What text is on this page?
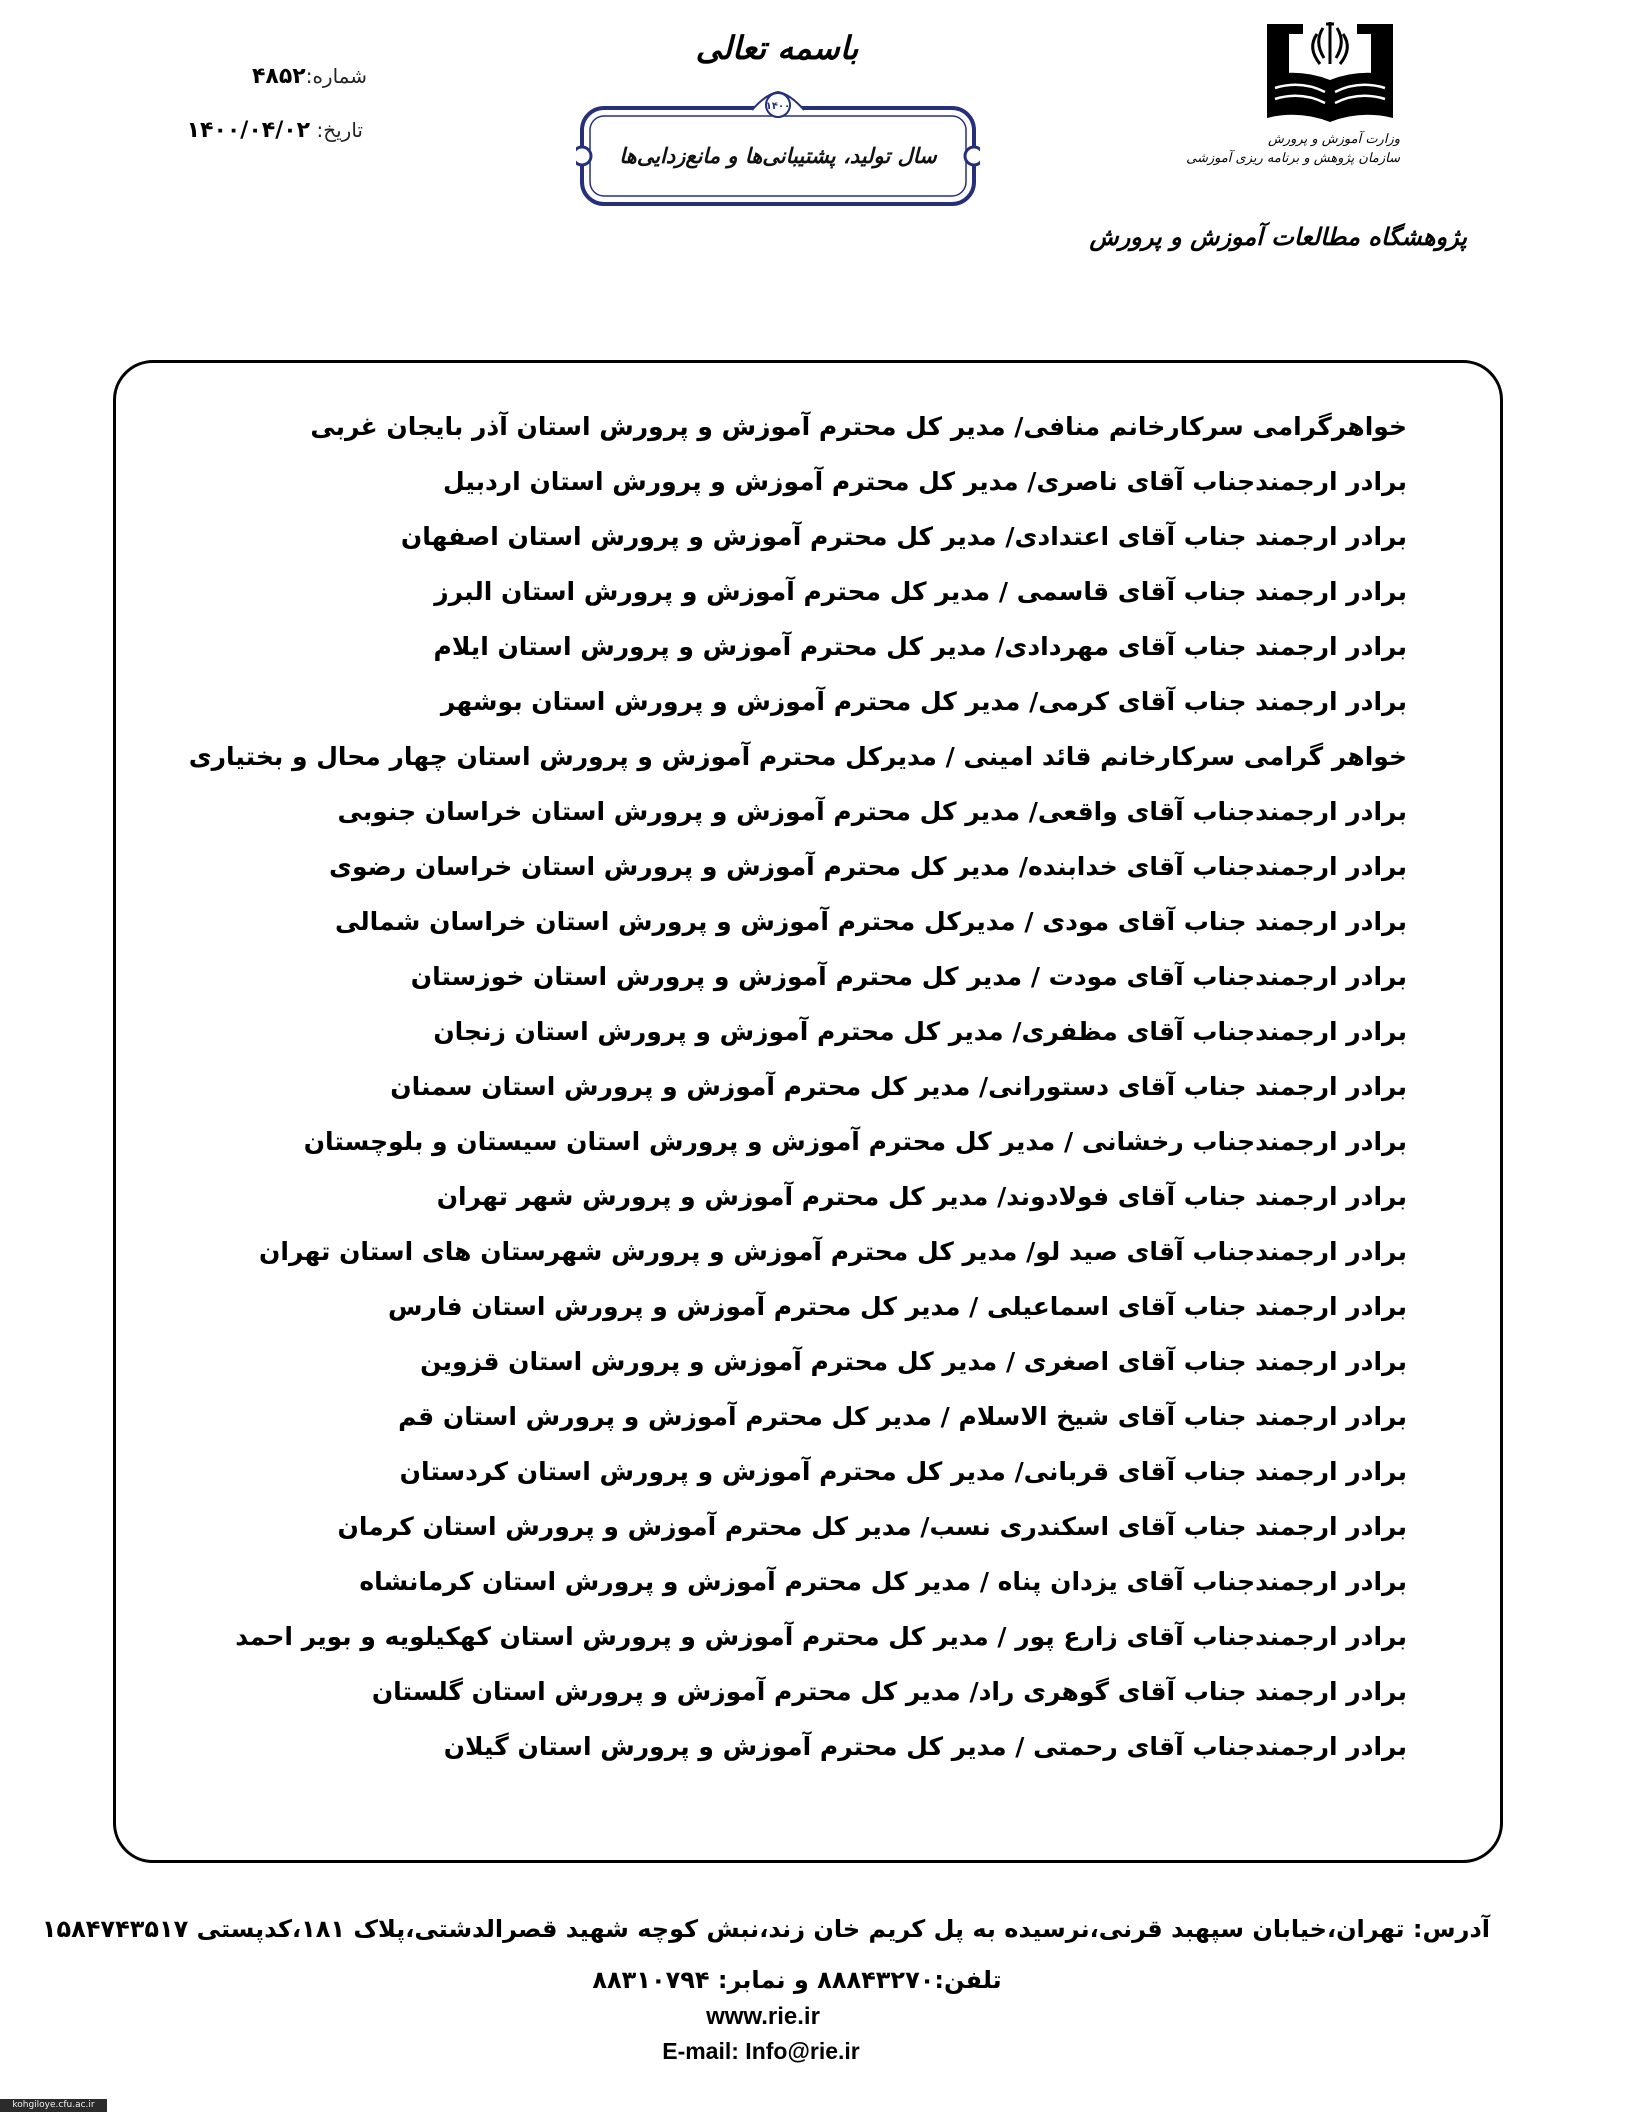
شماره:۴۸۵۲
تاریخ: ۱۴۰۰/۰۴/۰۲
باسمه تعالی
۱۴۰۰
سال تولید، پشتیبانی‌ها و مانع‌زدایی‌ها
وزارت آموزش و پرورش
سازمان پژوهش و برنامه ریزی آموزشی
پژوهشگاه مطالعات آموزش و پرورش
خواهرگرامی سرکارخانم منافی/ مدیر کل محترم آموزش و پرورش استان آذر بایجان غربی
برادر ارجمندجناب آقای ناصری/ مدیر کل محترم آموزش و پرورش استان اردبیل
برادر ارجمند جناب آقای اعتدادی/ مدیر کل محترم آموزش و پرورش استان اصفهان
برادر ارجمند جناب آقای قاسمی / مدیر کل محترم آموزش و پرورش استان البرز
برادر ارجمند جناب آقای مهردادی/ مدیر کل محترم آموزش و پرورش استان ایلام
برادر ارجمند جناب آقای کرمی/ مدیر کل محترم آموزش و پرورش استان بوشهر
خواهر گرامی سرکارخانم قائد امینی / مدیرکل محترم آموزش و پرورش استان چهار محال و بختیاری
برادر ارجمندجناب آقای واقعی/ مدیر کل محترم آموزش و پرورش استان خراسان جنوبی
برادر ارجمندجناب آقای خدابنده/ مدیر کل محترم آموزش و پرورش استان خراسان رضوی
برادر ارجمند جناب آقای مودی / مدیرکل محترم آموزش و پرورش استان خراسان شمالی
برادر ارجمندجناب آقای مودت / مدیر کل محترم آموزش و پرورش استان خوزستان
برادر ارجمندجناب آقای مظفری/ مدیر کل محترم آموزش و پرورش استان زنجان
برادر ارجمند جناب آقای دستورانی/ مدیر کل محترم آموزش و پرورش استان سمنان
برادر ارجمندجناب رخشانی / مدیر کل محترم آموزش و پرورش استان سیستان و بلوچستان
برادر ارجمند جناب آقای فولادوند/ مدیر کل محترم آموزش و پرورش شهر تهران
برادر ارجمندجناب آقای صید لو/ مدیر کل محترم آموزش و پرورش شهرستان های استان تهران
برادر ارجمند جناب آقای اسماعیلی / مدیر کل محترم آموزش و پرورش استان فارس
برادر ارجمند جناب آقای اصغری / مدیر کل محترم آموزش و پرورش استان قزوین
برادر ارجمند جناب آقای شیخ الاسلام / مدیر کل محترم آموزش و پرورش استان قم
برادر ارجمند جناب آقای قربانی/ مدیر کل محترم آموزش و پرورش استان کردستان
برادر ارجمند جناب آقای اسکندری نسب/ مدیر کل محترم آموزش و پرورش استان کرمان
برادر ارجمندجناب آقای یزدان پناه / مدیر کل محترم آموزش و پرورش استان کرمانشاه
برادر ارجمندجناب آقای زارع پور / مدیر کل محترم آموزش و پرورش استان کهکیلویه و بویر احمد
برادر ارجمند جناب آقای گوهری راد/ مدیر کل محترم آموزش و پرورش استان گلستان
برادر ارجمندجناب آقای رحمتی / مدیر کل محترم آموزش و پرورش استان گیلان
آدرس: تهران،خیابان سپهبد قرنی،نرسیده به پل کریم خان زند،نبش کوچه شهید قصرالدشتی،پلاک ۱۸۱،کدپستی ۱۵۸۴۷۴۳۵۱۷
تلفن:۸۸۸۴۳۲۷۰ و نمابر: ۸۸۳۱۰۷۹۴
www.rie.ir
E-mail: Info@rie.ir
kohgiloye.cfu.ac.ir
